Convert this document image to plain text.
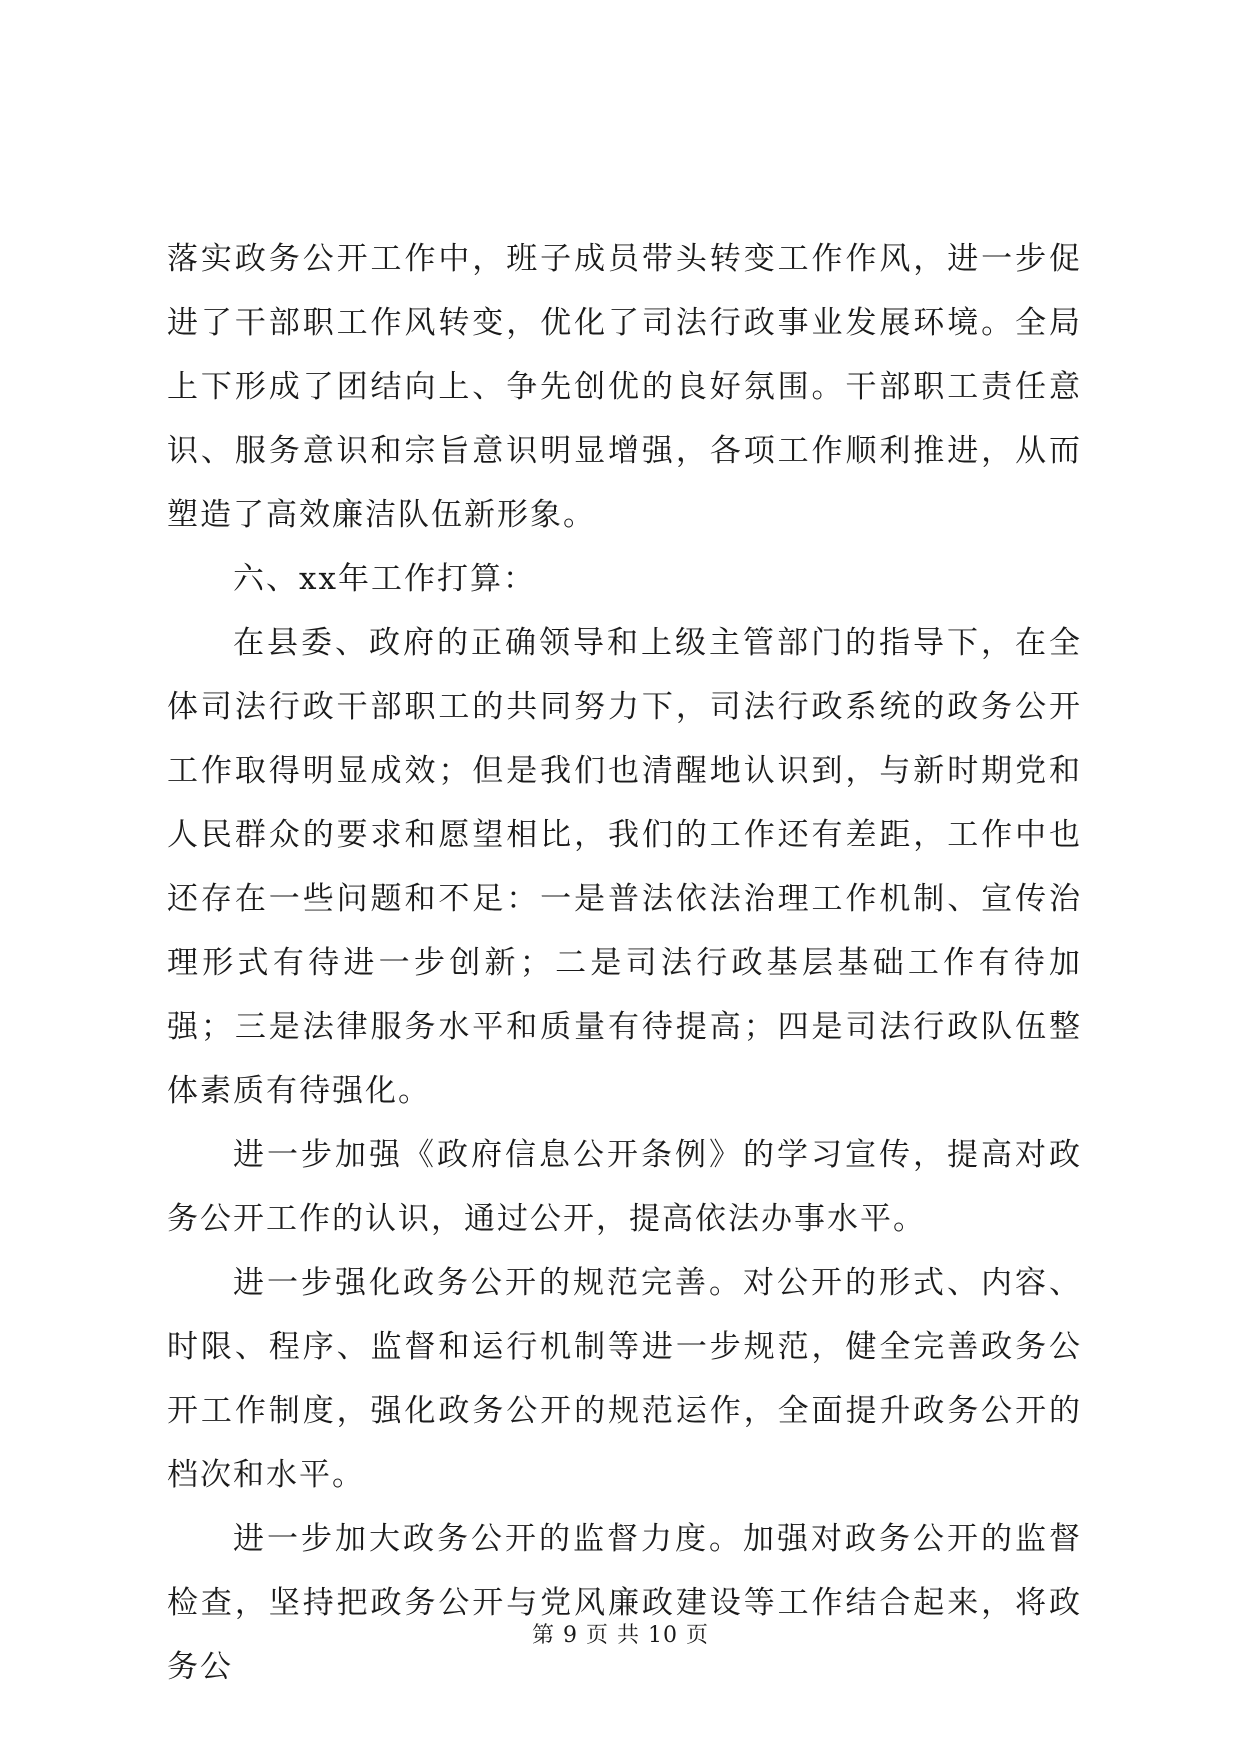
落实政务公开工作中，班子成员带头转变工作作风，进一步促进了干部职工作风转变，优化了司法行政事业发展环境。全局上下形成了团结向上、争先创优的良好氛围。干部职工责任意识、服务意识和宗旨意识明显增强，各项工作顺利推进，从而塑造了高效廉洁队伍新形象。

六、xx年工作打算：

在县委、政府的正确领导和上级主管部门的指导下，在全体司法行政干部职工的共同努力下，司法行政系统的政务公开工作取得明显成效；但是我们也清醒地认识到，与新时期党和人民群众的要求和愿望相比，我们的工作还有差距，工作中也还存在一些问题和不足：一是普法依法治理工作机制、宣传治理形式有待进一步创新；二是司法行政基层基础工作有待加强；三是法律服务水平和质量有待提高；四是司法行政队伍整体素质有待强化。

进一步加强《政府信息公开条例》的学习宣传，提高对政务公开工作的认识，通过公开，提高依法办事水平。

进一步强化政务公开的规范完善。对公开的形式、内容、时限、程序、监督和运行机制等进一步规范，健全完善政务公开工作制度，强化政务公开的规范运作，全面提升政务公开的档次和水平。

进一步加大政务公开的监督力度。加强对政务公开的监督检查，坚持把政务公开与党风廉政建设等工作结合起来，将政务公

第 9 页 共 10 页
